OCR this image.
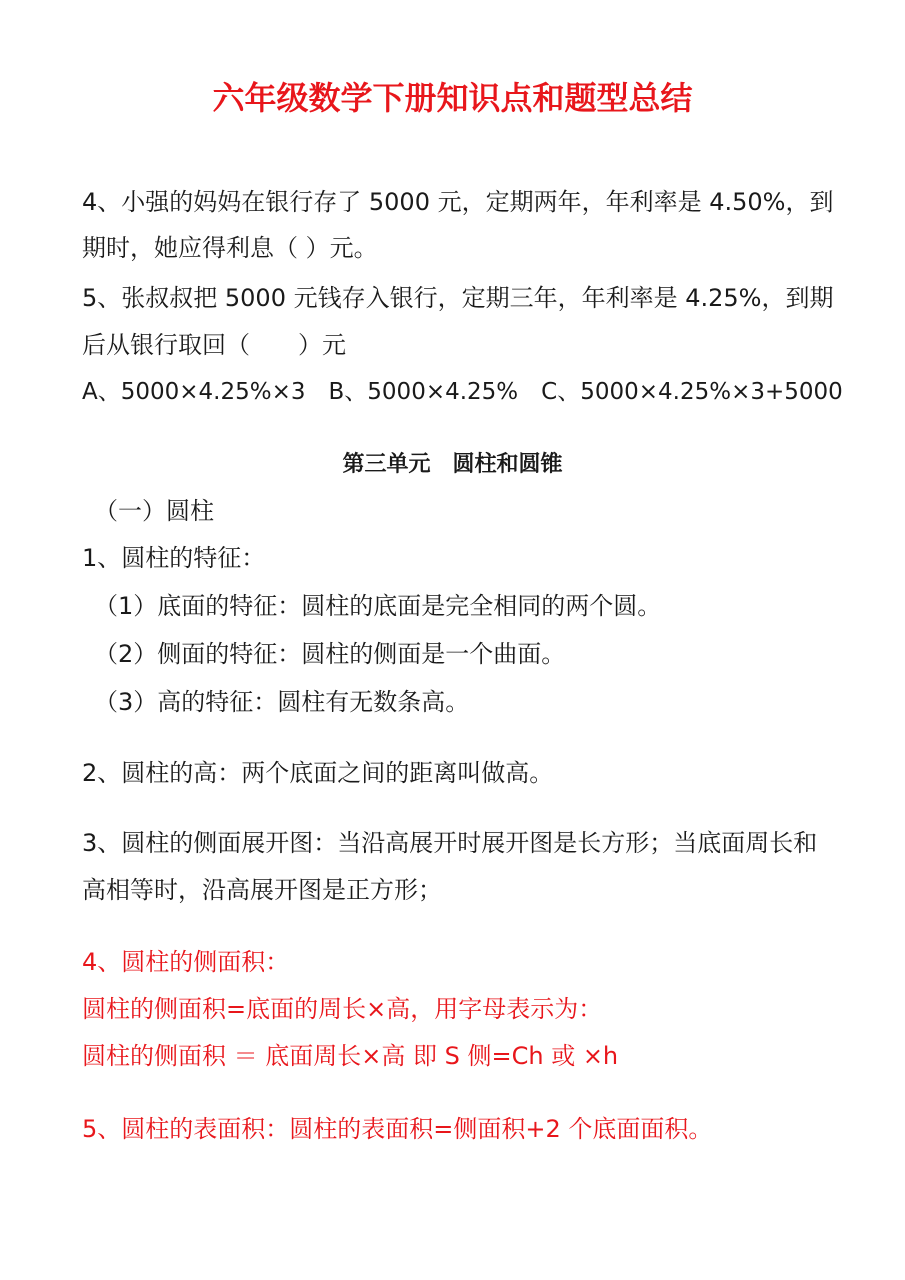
六年级数学下册知识点和题型总结
4、小强的妈妈在银行存了 5000 元，定期两年，年利率是 4.50%，到
期时，她应得利息（ ）元。
5、张叔叔把 5000 元钱存入银行，定期三年，年利率是 4.25%，到期
后从银行取回（　　）元
A、5000×4.25%×3　B、5000×4.25%　C、5000×4.25%×3+5000
第三单元　圆柱和圆锥
（一）圆柱
1、圆柱的特征：
（1）底面的特征：圆柱的底面是完全相同的两个圆。
（2）侧面的特征：圆柱的侧面是一个曲面。
（3）高的特征：圆柱有无数条高。
2、圆柱的高：两个底面之间的距离叫做高。
3、圆柱的侧面展开图：当沿高展开时展开图是长方形；当底面周长和
高相等时，沿高展开图是正方形；
4、圆柱的侧面积：
圆柱的侧面积=底面的周长×高，用字母表示为：
圆柱的侧面积 ＝ 底面周长×高 即 S 侧=Ch 或 ×h
5、圆柱的表面积：圆柱的表面积=侧面积+2 个底面面积。
